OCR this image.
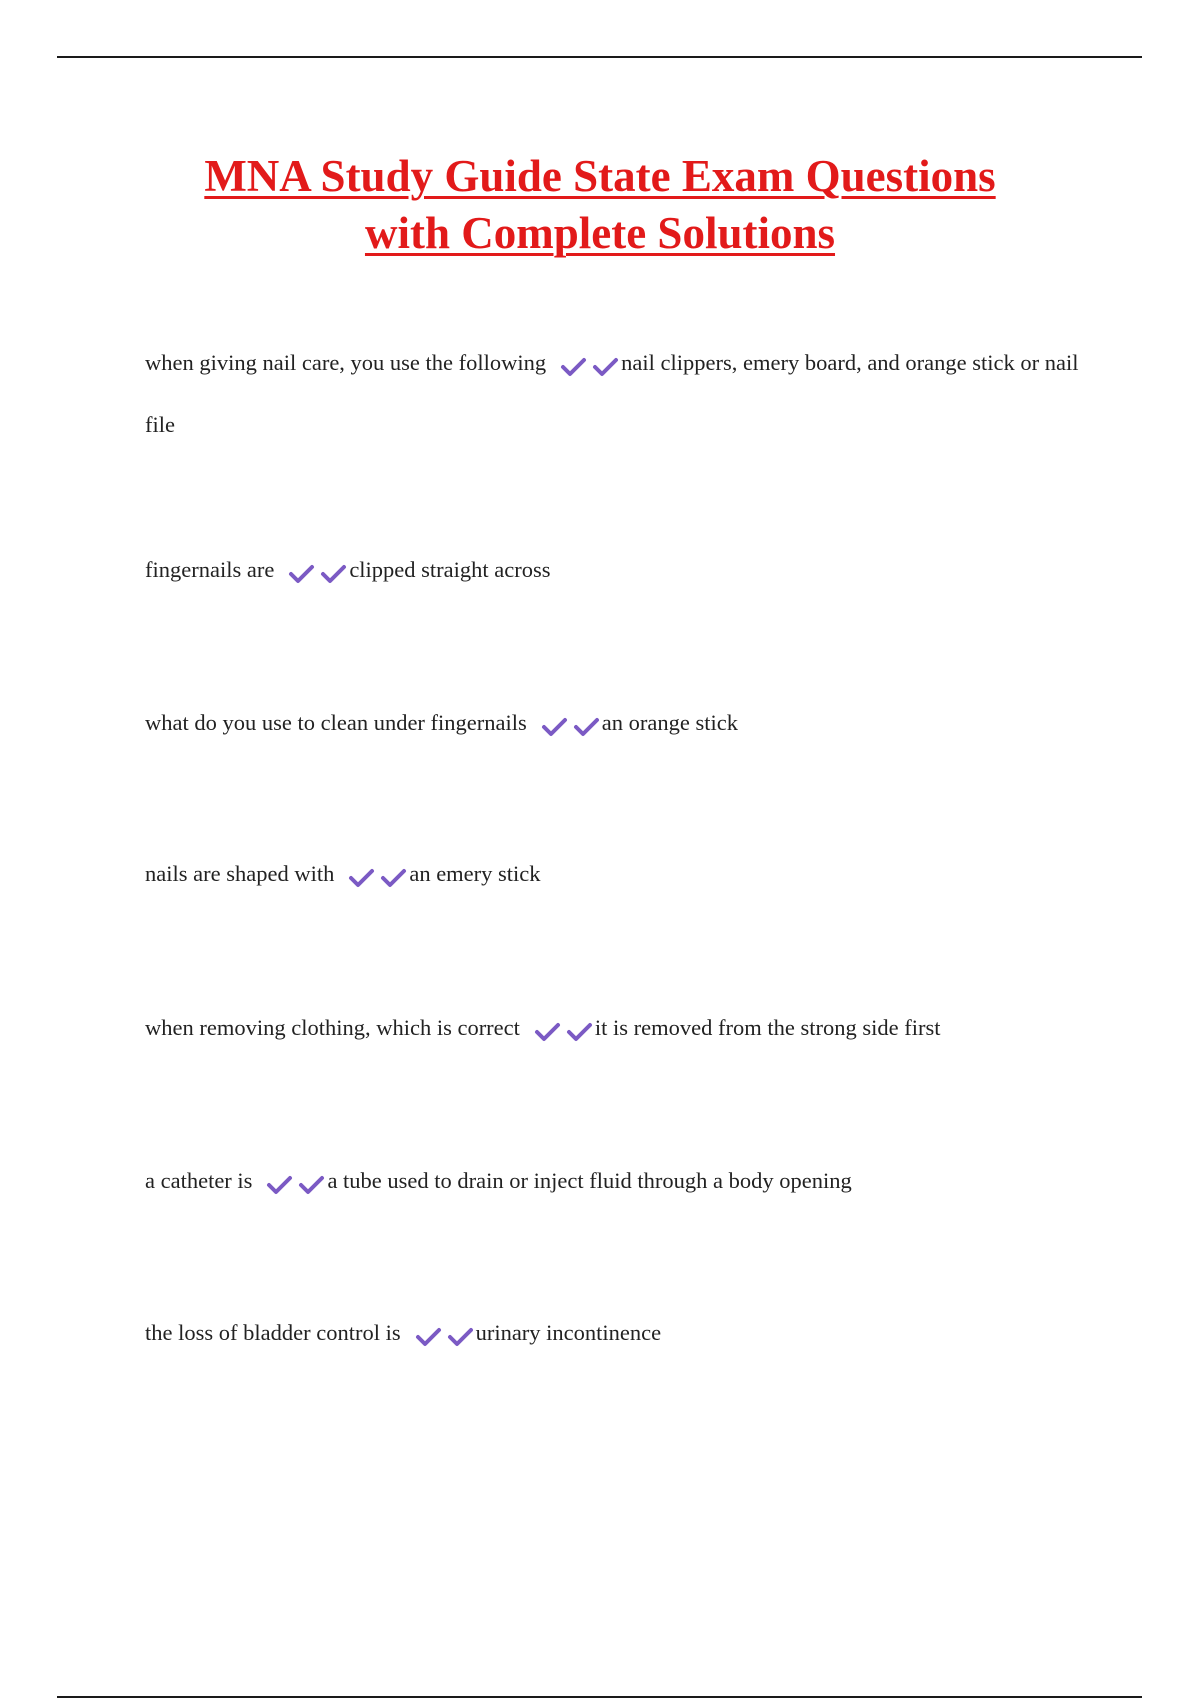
MNA Study Guide State Exam Questions
with Complete Solutions

when giving nail care, you use the following	nail clippers, emery board, and orange stick or nail file

fingernails are	clipped straight across

what do you use to clean under fingernails	an orange stick

nails are shaped with	an emery stick

when removing clothing, which is correct	it is removed from the strong side first

a catheter is	a tube used to drain or inject fluid through a body opening

the loss of bladder control is	urinary incontinence
